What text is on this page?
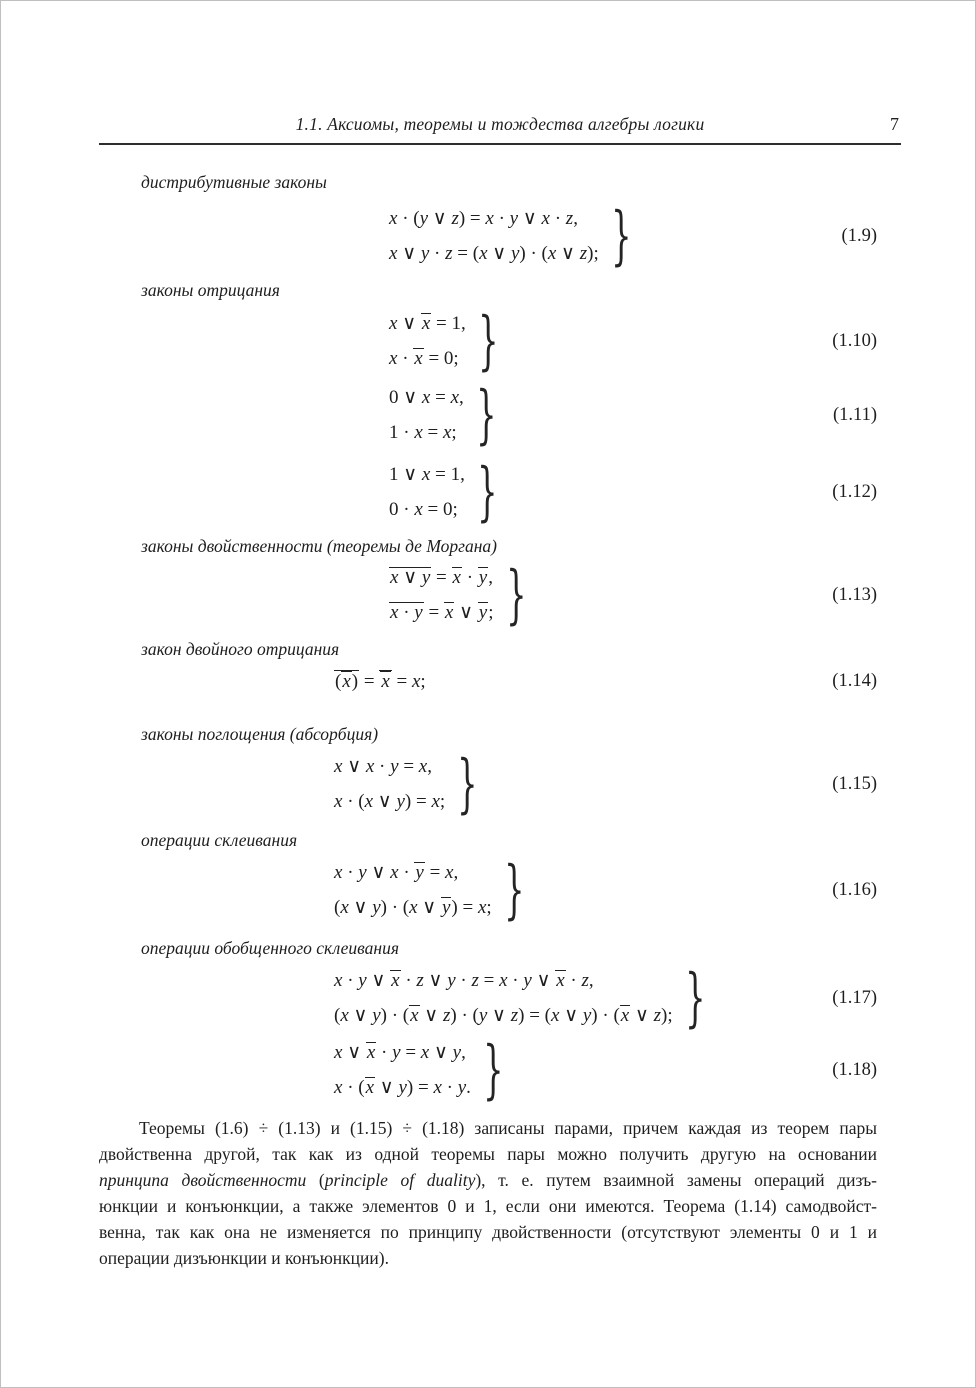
1.1. Аксиомы, теоремы и тождества алгебры логики	7
дистрибутивные законы
x · (y ∨ z) = x · y ∨ x · z,
x ∨ y · z = (x ∨ y) · (x ∨ z); }	(1.9)
законы отрицания
x ∨ x = 1,
x · x = 0; }	(1.10)
0 ∨ x = x,
1 · x = x; }	(1.11)
1 ∨ x = 1,
0 · x = 0; }	(1.12)
законы двойственности (теоремы де Моргана)
x ∨ y = x · y,
x · y = x ∨ y; }	(1.13)
закон двойного отрицания
(x) = x = x;	(1.14)
законы поглощения (абсорбция)
x ∨ x · y = x,
x · (x ∨ y) = x; }	(1.15)
операции склеивания
x · y ∨ x · y = x,
(x ∨ y) · (x ∨ y) = x; }	(1.16)
операции обобщенного склеивания
x · y ∨ x · z ∨ y · z = x · y ∨ x · z,
(x ∨ y) · (x ∨ z) · (y ∨ z) = (x ∨ y) · (x ∨ z); }	(1.17)
x ∨ x · y = x ∨ y,
x · (x ∨ y) = x · y. }	(1.18)
Теоремы (1.6) ÷ (1.13) и (1.15) ÷ (1.18) записаны парами, причем каждая из теорем пары
двойственна другой, так как из одной теоремы пары можно получить другую на основании
принципа двойственности (principle of duality), т. е. путем взаимной замены операций дизъ-
юнкции и конъюнкции, а также элементов 0 и 1, если они имеются. Теорема (1.14) самодвойст-
венна, так как она не изменяется по принципу двойственности (отсутствуют элементы 0 и 1 и
операции дизъюнкции и конъюнкции).
